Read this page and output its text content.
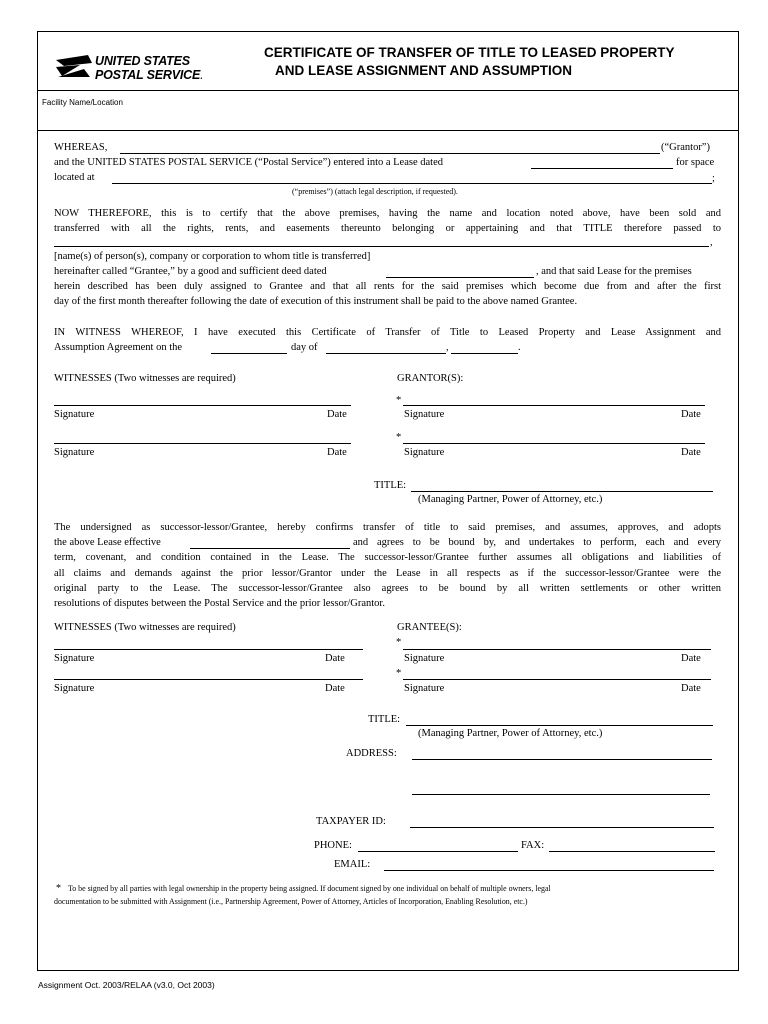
UNITED STATES
POSTAL SERVICE.
CERTIFICATE OF TRANSFER OF TITLE TO LEASED PROPERTY
AND LEASE ASSIGNMENT AND ASSUMPTION
Facility Name/Location
WHEREAS,	(“Grantor”)
and the UNITED STATES POSTAL SERVICE (“Postal Service”) entered into a Lease dated	for space
located at	;
(“premises”) (attach legal description, if requested).
NOW THEREFORE, this is to certify that the above premises, having the name and location noted above, have been sold and
transferred with all the rights, rents, and easements thereunto belonging or appertaining and that TITLE therefore passed to
,
[name(s) of person(s), company or corporation to whom title is transferred]
hereinafter called “Grantee,” by a good and sufficient deed dated	, and that said Lease for the premises
herein described has been duly assigned to Grantee and that all rents for the said premises which become due from and after the first
day of the first month thereafter following the date of execution of this instrument shall be paid to the above named Grantee.
IN WITNESS WHEREOF, I have executed this Certificate of Transfer of Title to Leased Property and Lease Assignment and
Assumption Agreement on the	day of	,	.
WITNESSES (Two witnesses are required)	GRANTOR(S):
*
Signature	Date	Signature	Date
*
Signature	Date	Signature	Date
TITLE:
(Managing Partner, Power of Attorney, etc.)
The undersigned as successor-lessor/Grantee, hereby confirms transfer of title to said premises, and assumes, approves, and adopts
the above Lease effective	and agrees to be bound by, and undertakes to perform, each and every
term, covenant, and condition contained in the Lease. The successor-lessor/Grantee further assumes all obligations and liabilities of
all claims and demands against the prior lessor/Grantor under the Lease in all respects as if the successor-lessor/Grantee were the
original party to the Lease. The successor-lessor/Grantee also agrees to be bound by all written settlements or other written
resolutions of disputes between the Postal Service and the prior lessor/Grantor.
WITNESSES (Two witnesses are required)	GRANTEE(S):
*
Signature	Date	Signature	Date
*
Signature	Date	Signature	Date
TITLE:
(Managing Partner, Power of Attorney, etc.)
ADDRESS:
TAXPAYER ID:
PHONE:	FAX:
EMAIL:
* To be signed by all parties with legal ownership in the property being assigned. If document signed by one individual on behalf of multiple owners, legal
documentation to be submitted with Assignment (i.e., Partnership Agreement, Power of Attorney, Articles of Incorporation, Enabling Resolution, etc.)
Assignment Oct. 2003/RELAA (v3.0, Oct 2003)
